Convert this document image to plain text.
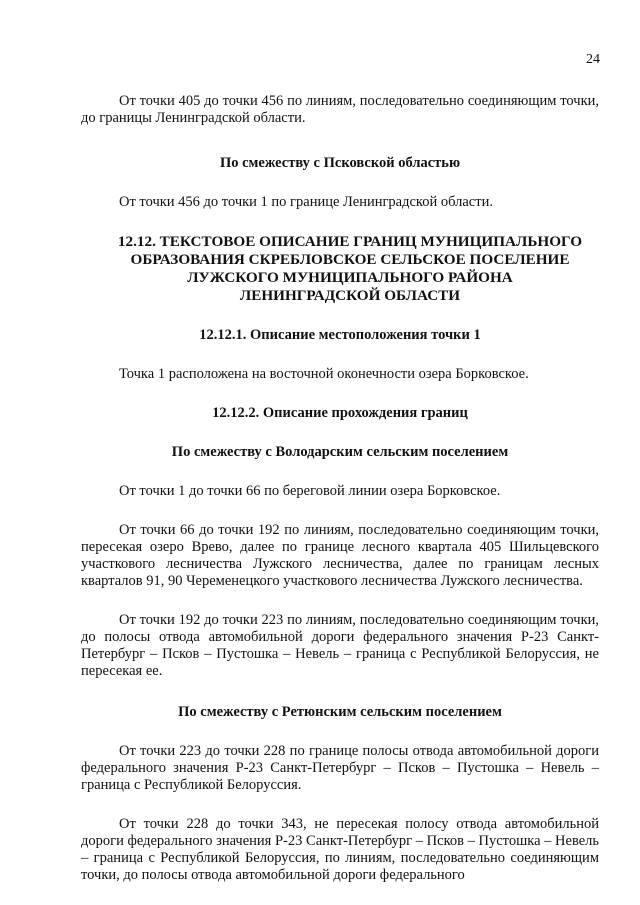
24

От точки 405 до точки 456 по линиям, последовательно соединяющим точки, до границы Ленинградской области.

По смежеству с Псковской областью

От точки 456 до точки 1 по границе Ленинградской области.

12.12. ТЕКСТОВОЕ ОПИСАНИЕ ГРАНИЦ МУНИЦИПАЛЬНОГО
ОБРАЗОВАНИЯ СКРЕБЛОВСКОЕ СЕЛЬСКОЕ ПОСЕЛЕНИЕ
ЛУЖСКОГО МУНИЦИПАЛЬНОГО РАЙОНА
ЛЕНИНГРАДСКОЙ ОБЛАСТИ

12.12.1. Описание местоположения точки 1

Точка 1 расположена на восточной оконечности озера Борковское.

12.12.2. Описание прохождения границ

По смежеству с Володарским сельским поселением

От точки 1 до точки 66 по береговой линии озера Борковское.

От точки 66 до точки 192 по линиям, последовательно соединяющим точки, пересекая озеро Врево, далее по границе лесного квартала 405 Шильцевского участкового лесничества Лужского лесничества, далее по границам лесных кварталов 91, 90 Череменецкого участкового лесничества Лужского лесничества.

От точки 192 до точки 223 по линиям, последовательно соединяющим точки, до полосы отвода автомобильной дороги федерального значения Р-23 Санкт-Петербург – Псков – Пустошка – Невель – граница с Республикой Белоруссия, не пересекая ее.

По смежеству с Ретюнским сельским поселением

От точки 223 до точки 228 по границе полосы отвода автомобильной дороги федерального значения Р-23 Санкт-Петербург – Псков – Пустошка – Невель – граница с Республикой Белоруссия.

От точки 228 до точки 343, не пересекая полосу отвода автомобильной дороги федерального значения Р-23 Санкт-Петербург – Псков – Пустошка – Невель – граница с Республикой Белоруссия, по линиям, последовательно соединяющим точки, до полосы отвода автомобильной дороги федерального
